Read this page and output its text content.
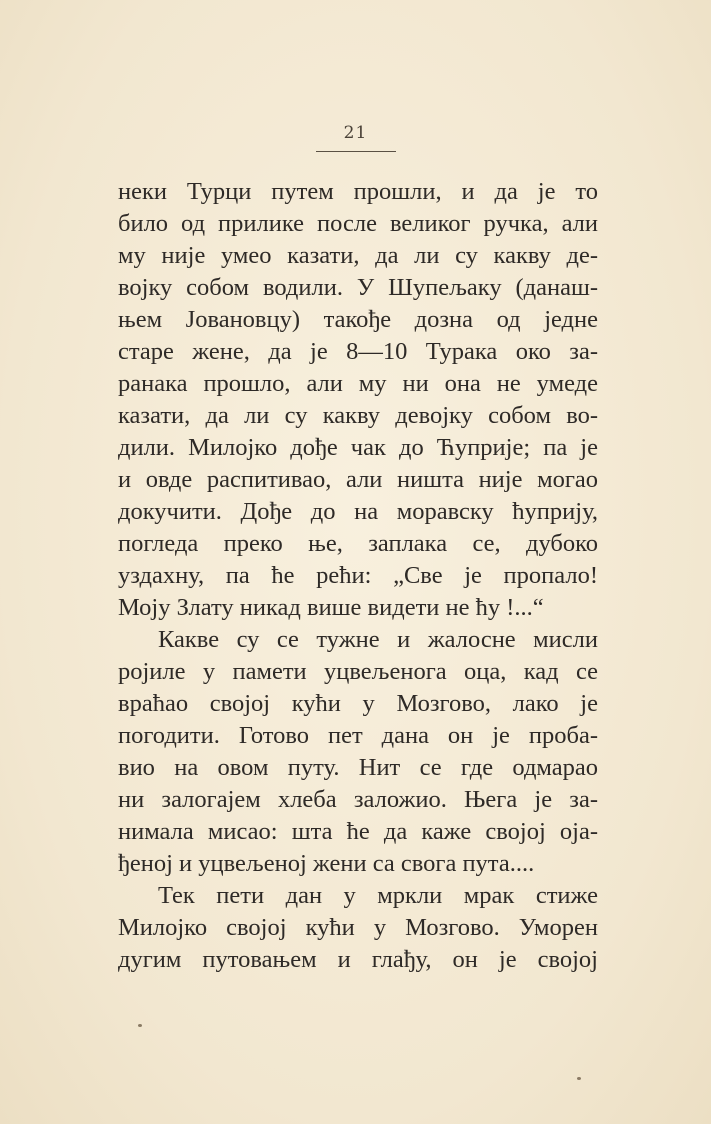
21
неки Турци путем прошли, и да је то
било од прилике после великог ручка, али
му није умео казати, да ли су какву де-
војку собом водили. У Шупељаку (данаш-
њем Јовановцу) такође дозна од једне
старе жене, да је 8—10 Турака око за-
ранака прошло, али му ни она не умеде
казати, да ли су какву девојку собом во-
дили. Милојко дође чак до Ћуприје; па је
и овде распитивао, али ништа није могао
докучити. Дође до на моравску ћуприју,
погледа преко ње, заплака се, дубоко
уздахну, па ће рећи: „Све је пропало!
Моју Злату никад више видети не ћу !...“
Какве су се тужне и жалосне мисли
ројиле у памети уцвељенога оца, кад се
враћао својој кући у Мозгово, лако је
погодити. Готово пет дана он је проба-
вио на овом путу. Нит се где одмарао
ни залогајем хлеба заложио. Њега је за-
нимала мисао: шта ће да каже својој оја-
ђеној и уцвељеној жени са свога пута....
Тек пети дан у мркли мрак стиже
Милојко својој кући у Мозгово. Уморен
дугим путовањем и глађу, он је својој
